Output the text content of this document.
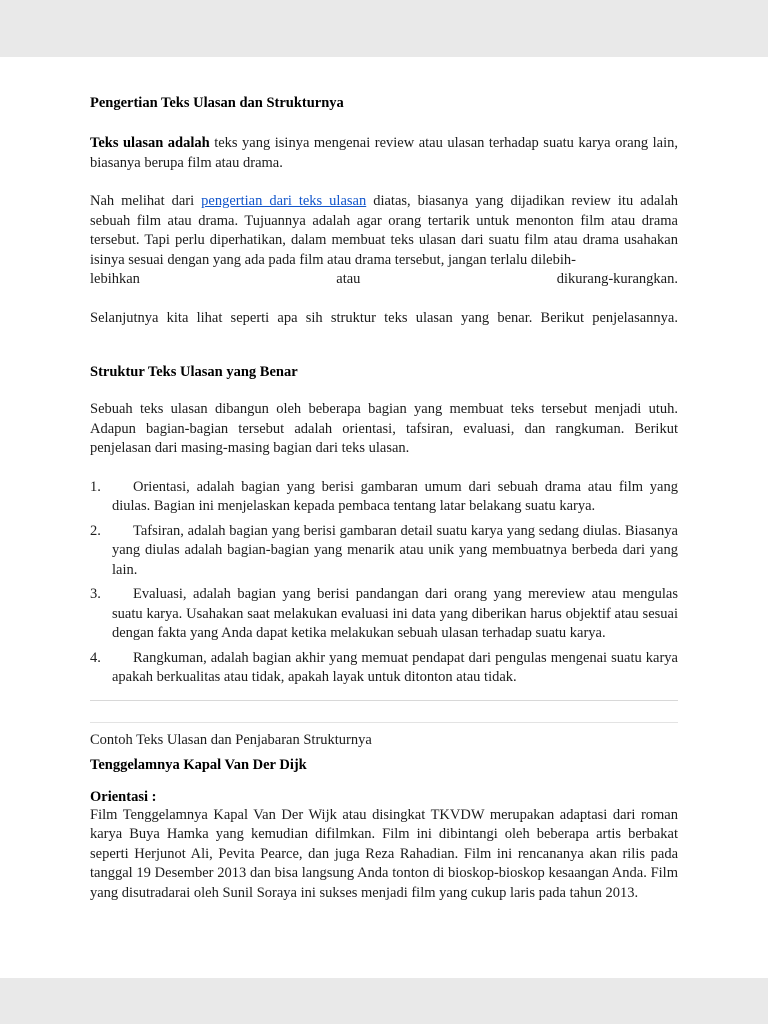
Pengertian Teks Ulasan dan Strukturnya

Teks ulasan adalah teks yang isinya mengenai review atau ulasan terhadap suatu karya orang lain, biasanya berupa film atau drama.

Nah melihat dari pengertian dari teks ulasan diatas, biasanya yang dijadikan review itu adalah sebuah film atau drama. Tujuannya adalah agar orang tertarik untuk menonton film atau drama tersebut. Tapi perlu diperhatikan, dalam membuat teks ulasan dari suatu film atau drama usahakan isinya sesuai dengan yang ada pada film atau drama tersebut, jangan terlalu dilebih-

lebihkan	atau	dikurang-kurangkan.

Selanjutnya kita lihat seperti apa sih struktur teks ulasan yang benar. Berikut penjelasannya.

Struktur Teks Ulasan yang Benar

Sebuah teks ulasan dibangun oleh beberapa bagian yang membuat teks tersebut menjadi utuh. Adapun bagian-bagian tersebut adalah orientasi, tafsiran, evaluasi, dan rangkuman. Berikut penjelasan dari masing-masing bagian dari teks ulasan.

1. Orientasi, adalah bagian yang berisi gambaran umum dari sebuah drama atau film yang diulas. Bagian ini menjelaskan kepada pembaca tentang latar belakang suatu karya.
2. Tafsiran, adalah bagian yang berisi gambaran detail suatu karya yang sedang diulas. Biasanya yang diulas adalah bagian-bagian yang menarik atau unik yang membuatnya berbeda dari yang lain.
3. Evaluasi, adalah bagian yang berisi pandangan dari orang yang mereview atau mengulas suatu karya. Usahakan saat melakukan evaluasi ini data yang diberikan harus objektif atau sesuai dengan fakta yang Anda dapat ketika melakukan sebuah ulasan terhadap suatu karya.
4. Rangkuman, adalah bagian akhir yang memuat pendapat dari pengulas mengenai suatu karya apakah berkualitas atau tidak, apakah layak untuk ditonton atau tidak.

Contoh Teks Ulasan dan Penjabaran Strukturnya

Tenggelamnya Kapal Van Der Dijk

Orientasi :

Film Tenggelamnya Kapal Van Der Wijk atau disingkat TKVDW merupakan adaptasi dari roman karya Buya Hamka yang kemudian difilmkan. Film ini dibintangi oleh beberapa artis berbakat seperti Herjunot Ali, Pevita Pearce, dan juga Reza Rahadian. Film ini rencananya akan rilis pada tanggal 19 Desember 2013 dan bisa langsung Anda tonton di bioskop-bioskop kesaangan Anda. Film yang disutradarai oleh Sunil Soraya ini sukses menjadi film yang cukup laris pada tahun 2013.
